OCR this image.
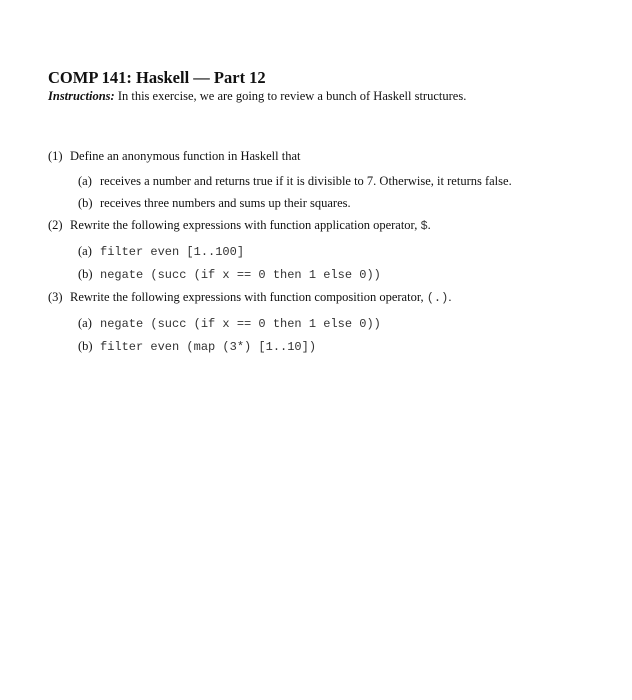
COMP 141: Haskell — Part 12

Instructions: In this exercise, we are going to review a bunch of Haskell structures.

(1) Define an anonymous function in Haskell that
(a) receives a number and returns true if it is divisible to 7. Otherwise, it returns false.
(b) receives three numbers and sums up their squares.
(2) Rewrite the following expressions with function application operator, $.
(a) filter even [1..100]
(b) negate (succ (if x == 0 then 1 else 0))
(3) Rewrite the following expressions with function composition operator, (.).
(a) negate (succ (if x == 0 then 1 else 0))
(b) filter even (map (3*) [1..10])
